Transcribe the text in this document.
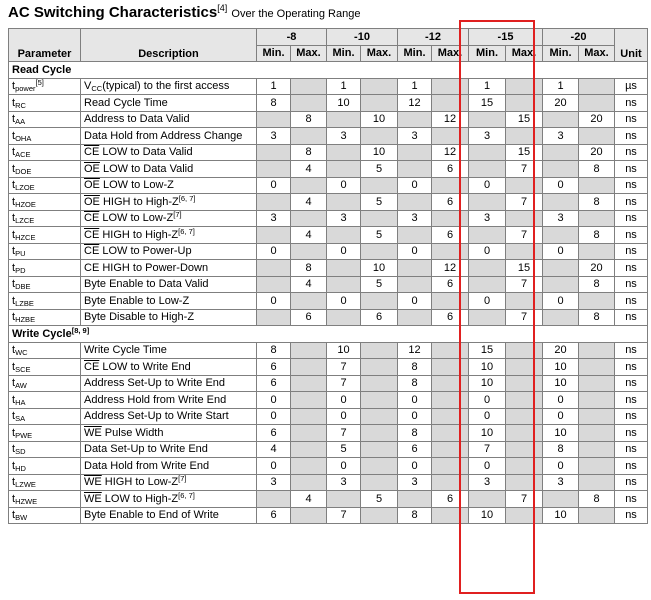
AC Switching Characteristics[4] Over the Operating Range
Parameter	Description	-8		-10		-12		-15		-20		Unit
		Min.	Max.	Min.	Max.	Min.	Max.	Min.	Max.	Min.	Max.	
Read Cycle												
$t_{power}[5]$	$V_{CC}(typical)$ to the first access	1		1		1		1		1		µs
$t_{RC}$	Read Cycle Time	8		10		12		15		20		ns
$t_{AA}$	Address to Data Valid		8		10		12		15		20	ns
$t_{OHA}$	Data Hold from Address Change	3		3		3		3		3		ns
$t_{ACE}$	$\overline{CE}$ LOW to Data Valid		8		10		12		15		20	ns
$t_{DOE}$	$\overline{OE}$ LOW to Data Valid		4		5		6		7		8	ns
$t_{LZOE}$	$\overline{OE}$ LOW to Low-Z	0		0		0		0		0		ns
$t_{HZOE}$	$\overline{OE}$ HIGH to High-Z[6, 7]		4		5		6		7		8	ns
$t_{LZCE}$	$\overline{CE}$ LOW to Low-Z[7]	3		3		3		3		3		ns
$t_{HZCE}$	$\overline{CE}$ HIGH to High-Z[6, 7]		4		5		6		7		8	ns
$t_{PU}$	$\overline{CE}$ LOW to Power-Up	0		0		0		0		0		ns
$t_{PD}$	CE HIGH to Power-Down		8		10		12		15		20	ns
$t_{DBE}$	Byte Enable to Data Valid		4		5		6		7		8	ns
$t_{LZBE}$	Byte Enable to Low-Z	0		0		0		0		0		ns
$t_{HZBE}$	Byte Disable to High-Z		6		6		6		7		8	ns
Write Cycle[8, 9]
$t_{WC}$	Write Cycle Time	8		10		12		15		20		ns
$t_{SCE}$	$\overline{CE}$ LOW to Write End	6		7		8		10		10		ns
$t_{AW}$	Address Set-Up to Write End	6		7		8		10		10		ns
$t_{HA}$	Address Hold from Write End	0		0		0		0		0		ns
$t_{SA}$	Address Set-Up to Write Start	0		0		0		0		0		ns
$t_{PWE}$	$\overline{WE}$ Pulse Width	6		7		8		10		10		ns
$t_{SD}$	Data Set-Up to Write End	4		5		6		7		8		ns
$t_{HD}$	Data Hold from Write End	0		0		0		0		0		ns
$t_{LZWE}$	$\overline{WE}$ HIGH to Low-Z[7]	3		3		3		3		3		ns
$t_{HZWE}$	$\overline{WE}$ LOW to High-Z[6, 7]		4		5		6		7		8	ns
$t_{BW}$	Byte Enable to End of Write	6		7		8		10		10		ns
